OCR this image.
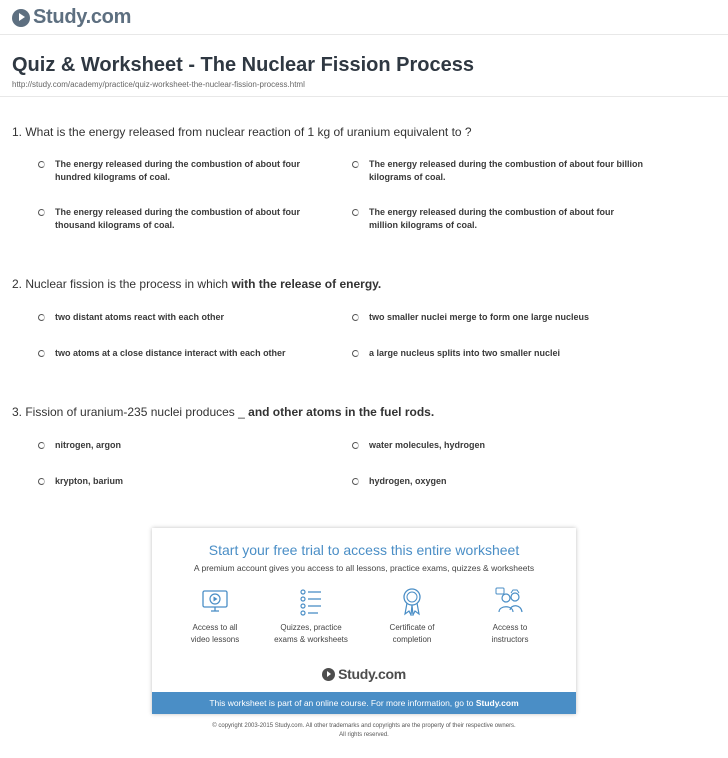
Study.com
Quiz & Worksheet - The Nuclear Fission Process
http://study.com/academy/practice/quiz-worksheet-the-nuclear-fission-process.html
1. What is the energy released from nuclear reaction of 1 kg of uranium equivalent to ?
The energy released during the combustion of about four hundred kilograms of coal.
The energy released during the combustion of about four billion kilograms of coal.
The energy released during the combustion of about four thousand kilograms of coal.
The energy released during the combustion of about four million kilograms of coal.
2. Nuclear fission is the process in which with the release of energy.
two distant atoms react with each other	two smaller nuclei merge to form one large nucleus
two atoms at a close distance interact with each other	a large nucleus splits into two smaller nuclei
3. Fission of uranium-235 nuclei produces _ and other atoms in the fuel rods.
nitrogen, argon	water molecules, hydrogen
krypton, barium	hydrogen, oxygen
Start your free trial to access this entire worksheet
A premium account gives you access to all lessons, practice exams, quizzes & worksheets
Access to all
video lessons
Quizzes, practice
exams & worksheets
Certificate of
completion
Access to
instructors
Study.com
This worksheet is part of an online course. For more information, go to Study.com
© copyright 2003-2015 Study.com. All other trademarks and copyrights are the property of their respective owners.
All rights reserved.
